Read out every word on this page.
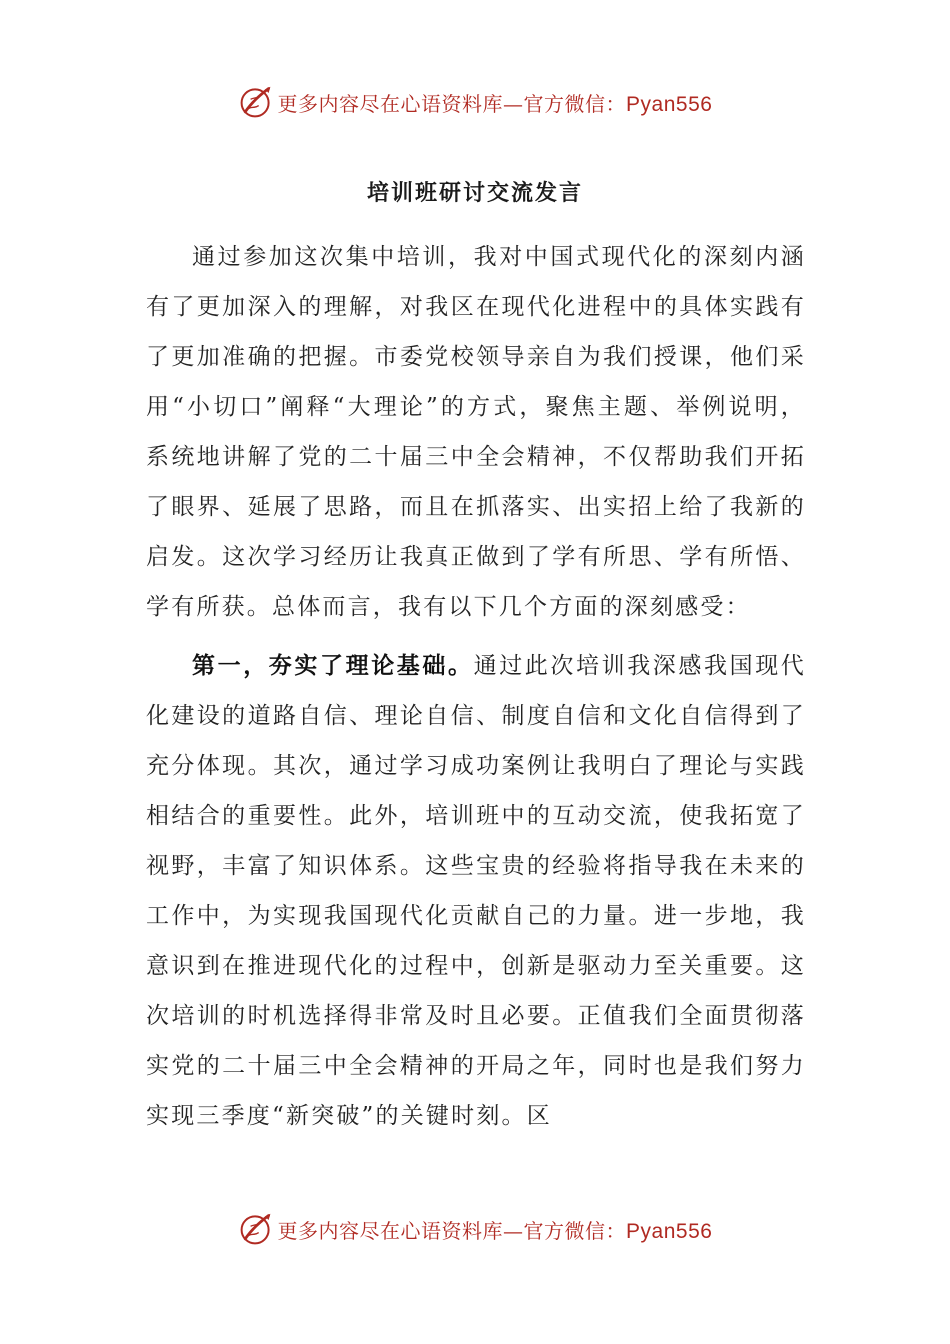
更多内容尽在心语资料库—官方微信：Pyan556
培训班研讨交流发言

通过参加这次集中培训，我对中国式现代化的深刻内涵有了更加深入的理解，对我区在现代化进程中的具体实践有了更加准确的把握。市委党校领导亲自为我们授课，他们采用“小切口”阐释“大理论”的方式，聚焦主题、举例说明，系统地讲解了党的二十届三中全会精神，不仅帮助我们开拓了眼界、延展了思路，而且在抓落实、出实招上给了我新的启发。这次学习经历让我真正做到了学有所思、学有所悟、学有所获。总体而言，我有以下几个方面的深刻感受：

第一，夯实了理论基础。通过此次培训我深感我国现代化建设的道路自信、理论自信、制度自信和文化自信得到了充分体现。其次，通过学习成功案例让我明白了理论与实践相结合的重要性。此外，培训班中的互动交流，使我拓宽了视野，丰富了知识体系。这些宝贵的经验将指导我在未来的工作中，为实现我国现代化贡献自己的力量。进一步地，我意识到在推进现代化的过程中，创新是驱动力至关重要。这次培训的时机选择得非常及时且必要。正值我们全面贯彻落实党的二十届三中全会精神的开局之年，同时也是我们努力实现三季度“新突破”的关键时刻。区

更多内容尽在心语资料库—官方微信：Pyan556
